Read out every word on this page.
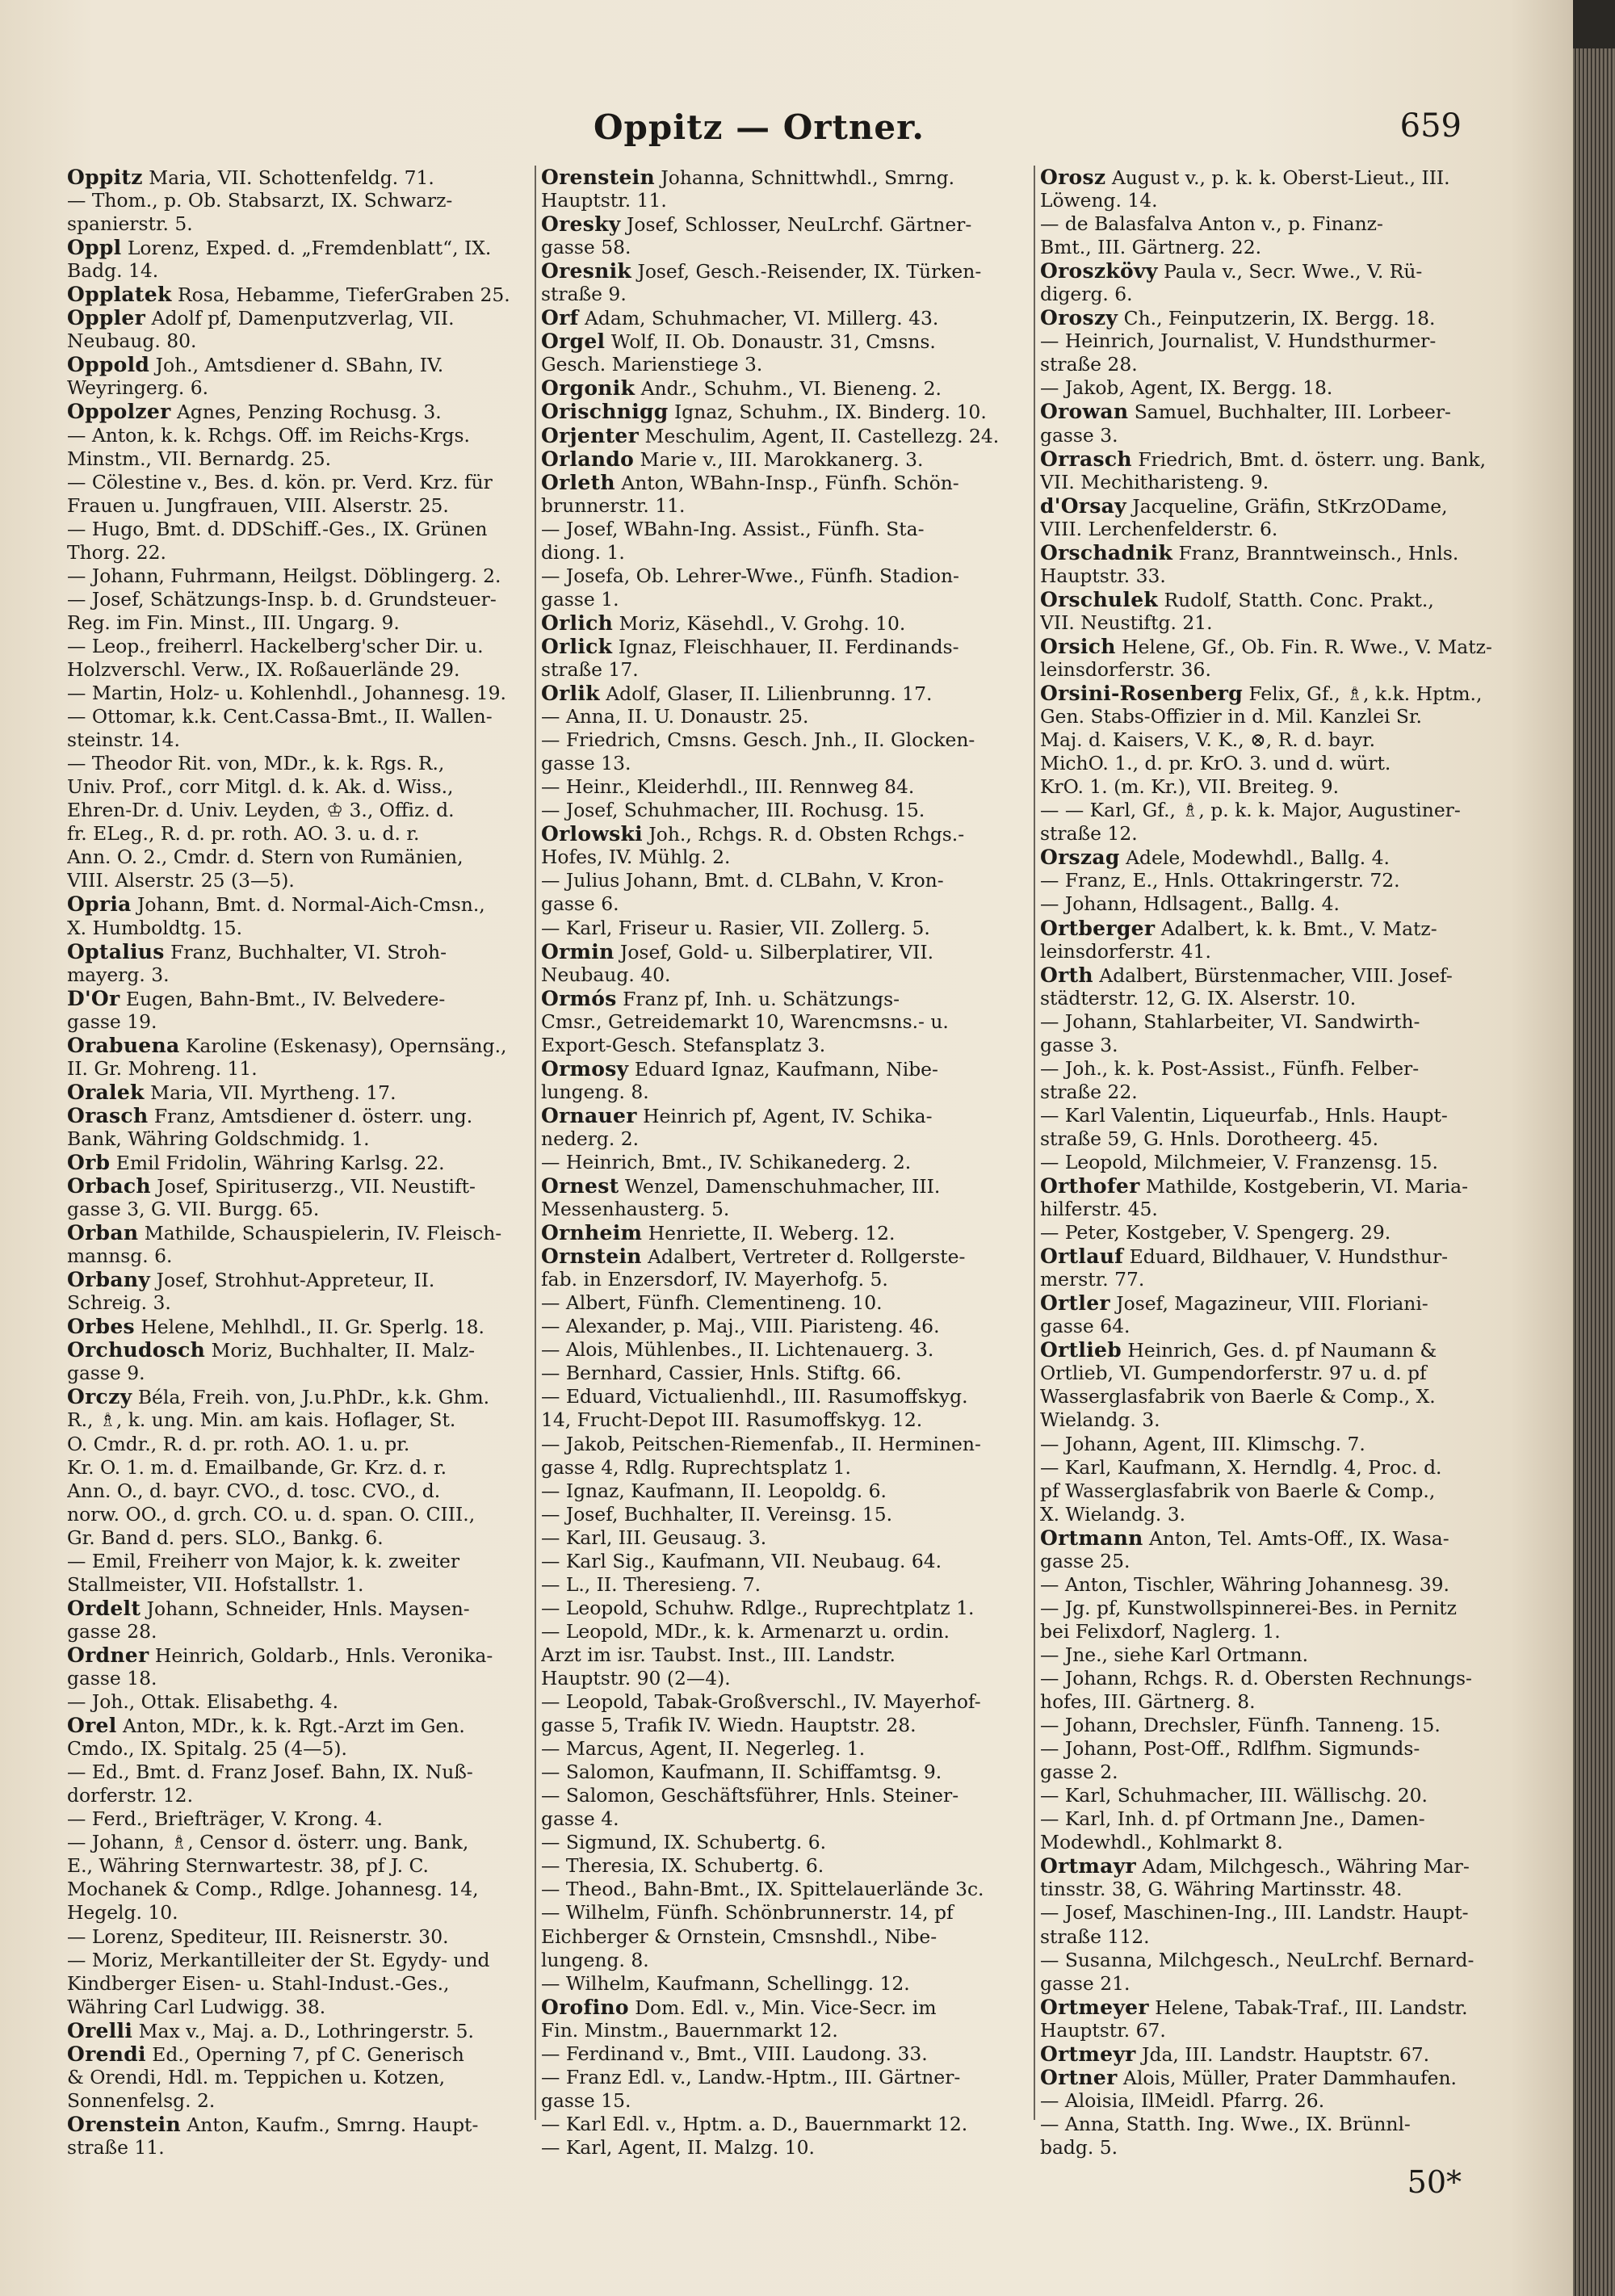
Oppitz — Ortner.	659
Oppitz Maria, VII. Schottenfeldg. 71.
— Thom., p. Ob. Stabsarzt, IX. Schwarz-
spanierstr. 5.
Oppl Lorenz, Exped. d. „Fremdenblatt“, IX.
Badg. 14.
Opplatek Rosa, Hebamme, TieferGraben 25.
Oppler Adolf pf, Damenputzverlag, VII.
Neubaug. 80.
Oppold Joh., Amtsdiener d. SBahn, IV.
Weyringerg. 6.
Oppolzer Agnes, Penzing Rochusg. 3.
— Anton, k. k. Rchgs. Off. im Reichs-Krgs.
Minstm., VII. Bernardg. 25.
— Cölestine v., Bes. d. kön. pr. Verd. Krz. für
Frauen u. Jungfrauen, VIII. Alserstr. 25.
— Hugo, Bmt. d. DDSchiff.-Ges., IX. Grünen
Thorg. 22.
— Johann, Fuhrmann, Heilgst. Döblingerg. 2.
— Josef, Schätzungs-Insp. b. d. Grundsteuer-
Reg. im Fin. Minst., III. Ungarg. 9.
— Leop., freiherrl. Hackelberg'scher Dir. u.
Holzverschl. Verw., IX. Roßauerlände 29.
— Martin, Holz- u. Kohlenhdl., Johannesg. 19.
— Ottomar, k.k. Cent.Cassa-Bmt., II. Wallen-
steinstr. 14.
— Theodor Rit. von, MDr., k. k. Rgs. R.,
Univ. Prof., corr Mitgl. d. k. Ak. d. Wiss.,
Ehren-Dr. d. Univ. Leyden, ♔ 3., Offiz. d.
fr. ELeg., R. d. pr. roth. AO. 3. u. d. r.
Ann. O. 2., Cmdr. d. Stern von Rumänien,
VIII. Alserstr. 25 (3—5).
Opria Johann, Bmt. d. Normal-Aich-Cmsn.,
X. Humboldtg. 15.
Optalius Franz, Buchhalter, VI. Stroh-
mayerg. 3.
D'Or Eugen, Bahn-Bmt., IV. Belvedere-
gasse 19.
Orabuena Karoline (Eskenasy), Opernsäng.,
II. Gr. Mohreng. 11.
Oralek Maria, VII. Myrtheng. 17.
Orasch Franz, Amtsdiener d. österr. ung.
Bank, Währing Goldschmidg. 1.
Orb Emil Fridolin, Währing Karlsg. 22.
Orbach Josef, Spirituserzg., VII. Neustift-
gasse 3, G. VII. Burgg. 65.
Orban Mathilde, Schauspielerin, IV. Fleisch-
mannsg. 6.
Orbany Josef, Strohhut-Appreteur, II.
Schreig. 3.
Orbes Helene, Mehlhdl., II. Gr. Sperlg. 18.
Orchudosch Moriz, Buchhalter, II. Malz-
gasse 9.
Orczy Béla, Freih. von, J.u.PhDr., k.k. Ghm.
R., ♗, k. ung. Min. am kais. Hoflager, St.
O. Cmdr., R. d. pr. roth. AO. 1. u. pr.
Kr. O. 1. m. d. Emailbande, Gr. Krz. d. r.
Ann. O., d. bayr. CVO., d. tosc. CVO., d.
norw. OO., d. grch. CO. u. d. span. O. CIII.,
Gr. Band d. pers. SLO., Bankg. 6.
— Emil, Freiherr von Major, k. k. zweiter
Stallmeister, VII. Hofstallstr. 1.
Ordelt Johann, Schneider, Hnls. Maysen-
gasse 28.
Ordner Heinrich, Goldarb., Hnls. Veronika-
gasse 18.
— Joh., Ottak. Elisabethg. 4.
Orel Anton, MDr., k. k. Rgt.-Arzt im Gen.
Cmdo., IX. Spitalg. 25 (4—5).
— Ed., Bmt. d. Franz Josef. Bahn, IX. Nuß-
dorferstr. 12.
— Ferd., Briefträger, V. Krong. 4.
— Johann, ♗, Censor d. österr. ung. Bank,
E., Währing Sternwartestr. 38, pf J. C.
Mochanek & Comp., Rdlge. Johannesg. 14,
Hegelg. 10.
— Lorenz, Spediteur, III. Reisnerstr. 30.
— Moriz, Merkantilleiter der St. Egydy- und
Kindberger Eisen- u. Stahl-Indust.-Ges.,
Währing Carl Ludwigg. 38.
Orelli Max v., Maj. a. D., Lothringerstr. 5.
Orendi Ed., Operning 7, pf C. Generisch
& Orendi, Hdl. m. Teppichen u. Kotzen,
Sonnenfelsg. 2.
Orenstein Anton, Kaufm., Smrng. Haupt-
straße 11.
Orenstein Johanna, Schnittwhdl., Smrng.
Hauptstr. 11.
Oresky Josef, Schlosser, NeuLrchf. Gärtner-
gasse 58.
Oresnik Josef, Gesch.-Reisender, IX. Türken-
straße 9.
Orf Adam, Schuhmacher, VI. Millerg. 43.
Orgel Wolf, II. Ob. Donaustr. 31, Cmsns.
Gesch. Marienstiege 3.
Orgonik Andr., Schuhm., VI. Bieneng. 2.
Orischnigg Ignaz, Schuhm., IX. Binderg. 10.
Orjenter Meschulim, Agent, II. Castellezg. 24.
Orlando Marie v., III. Marokkanerg. 3.
Orleth Anton, WBahn-Insp., Fünfh. Schön-
brunnerstr. 11.
— Josef, WBahn-Ing. Assist., Fünfh. Sta-
diong. 1.
— Josefa, Ob. Lehrer-Wwe., Fünfh. Stadion-
gasse 1.
Orlich Moriz, Käsehdl., V. Grohg. 10.
Orlick Ignaz, Fleischhauer, II. Ferdinands-
straße 17.
Orlik Adolf, Glaser, II. Lilienbrunng. 17.
— Anna, II. U. Donaustr. 25.
— Friedrich, Cmsns. Gesch. Jnh., II. Glocken-
gasse 13.
— Heinr., Kleiderhdl., III. Rennweg 84.
— Josef, Schuhmacher, III. Rochusg. 15.
Orlowski Joh., Rchgs. R. d. Obsten Rchgs.-
Hofes, IV. Mühlg. 2.
— Julius Johann, Bmt. d. CLBahn, V. Kron-
gasse 6.
— Karl, Friseur u. Rasier, VII. Zollerg. 5.
Ormin Josef, Gold- u. Silberplatirer, VII.
Neubaug. 40.
Ormós Franz pf, Inh. u. Schätzungs-
Cmsr., Getreidemarkt 10, Warencmsns.- u.
Export-Gesch. Stefansplatz 3.
Ormosy Eduard Ignaz, Kaufmann, Nibe-
lungeng. 8.
Ornauer Heinrich pf, Agent, IV. Schika-
nederg. 2.
— Heinrich, Bmt., IV. Schikanederg. 2.
Ornest Wenzel, Damenschuhmacher, III.
Messenhausterg. 5.
Ornheim Henriette, II. Weberg. 12.
Ornstein Adalbert, Vertreter d. Rollgerste-
fab. in Enzersdorf, IV. Mayerhofg. 5.
— Albert, Fünfh. Clementineng. 10.
— Alexander, p. Maj., VIII. Piaristeng. 46.
— Alois, Mühlenbes., II. Lichtenauerg. 3.
— Bernhard, Cassier, Hnls. Stiftg. 66.
— Eduard, Victualienhdl., III. Rasumoffskyg.
14, Frucht-Depot III. Rasumoffskyg. 12.
— Jakob, Peitschen-Riemenfab., II. Herminen-
gasse 4, Rdlg. Ruprechtsplatz 1.
— Ignaz, Kaufmann, II. Leopoldg. 6.
— Josef, Buchhalter, II. Vereinsg. 15.
— Karl, III. Geusaug. 3.
— Karl Sig., Kaufmann, VII. Neubaug. 64.
— L., II. Theresieng. 7.
— Leopold, Schuhw. Rdlge., Ruprechtplatz 1.
— Leopold, MDr., k. k. Armenarzt u. ordin.
Arzt im isr. Taubst. Inst., III. Landstr.
Hauptstr. 90 (2—4).
— Leopold, Tabak-Großverschl., IV. Mayerhof-
gasse 5, Trafik IV. Wiedn. Hauptstr. 28.
— Marcus, Agent, II. Negerleg. 1.
— Salomon, Kaufmann, II. Schiffamtsg. 9.
— Salomon, Geschäftsführer, Hnls. Steiner-
gasse 4.
— Sigmund, IX. Schubertg. 6.
— Theresia, IX. Schubertg. 6.
— Theod., Bahn-Bmt., IX. Spittelauerlände 3c.
— Wilhelm, Fünfh. Schönbrunnerstr. 14, pf
Eichberger & Ornstein, Cmsnshdl., Nibe-
lungeng. 8.
— Wilhelm, Kaufmann, Schellingg. 12.
Orofino Dom. Edl. v., Min. Vice-Secr. im
Fin. Minstm., Bauernmarkt 12.
— Ferdinand v., Bmt., VIII. Laudong. 33.
— Franz Edl. v., Landw.-Hptm., III. Gärtner-
gasse 15.
— Karl Edl. v., Hptm. a. D., Bauernmarkt 12.
— Karl, Agent, II. Malzg. 10.
Orosz August v., p. k. k. Oberst-Lieut., III.
Löweng. 14.
— de Balasfalva Anton v., p. Finanz-
Bmt., III. Gärtnerg. 22.
Oroszkövy Paula v., Secr. Wwe., V. Rü-
digerg. 6.
Oroszy Ch., Feinputzerin, IX. Bergg. 18.
— Heinrich, Journalist, V. Hundsthurmer-
straße 28.
— Jakob, Agent, IX. Bergg. 18.
Orowan Samuel, Buchhalter, III. Lorbeer-
gasse 3.
Orrasch Friedrich, Bmt. d. österr. ung. Bank,
VII. Mechitharisteng. 9.
d'Orsay Jacqueline, Gräfin, StKrzODame,
VIII. Lerchenfelderstr. 6.
Orschadnik Franz, Branntweinsch., Hnls.
Hauptstr. 33.
Orschulek Rudolf, Statth. Conc. Prakt.,
VII. Neustiftg. 21.
Orsich Helene, Gf., Ob. Fin. R. Wwe., V. Matz-
leinsdorferstr. 36.
Orsini-Rosenberg Felix, Gf., ♗, k.k. Hptm.,
Gen. Stabs-Offizier in d. Mil. Kanzlei Sr.
Maj. d. Kaisers, V. K., ⊗, R. d. bayr.
MichO. 1., d. pr. KrO. 3. und d. würt.
KrO. 1. (m. Kr.), VII. Breiteg. 9.
— — Karl, Gf., ♗, p. k. k. Major, Augustiner-
straße 12.
Orszag Adele, Modewhdl., Ballg. 4.
— Franz, E., Hnls. Ottakringerstr. 72.
— Johann, Hdlsagent., Ballg. 4.
Ortberger Adalbert, k. k. Bmt., V. Matz-
leinsdorferstr. 41.
Orth Adalbert, Bürstenmacher, VIII. Josef-
städterstr. 12, G. IX. Alserstr. 10.
— Johann, Stahlarbeiter, VI. Sandwirth-
gasse 3.
— Joh., k. k. Post-Assist., Fünfh. Felber-
straße 22.
— Karl Valentin, Liqueurfab., Hnls. Haupt-
straße 59, G. Hnls. Dorotheerg. 45.
— Leopold, Milchmeier, V. Franzensg. 15.
Orthofer Mathilde, Kostgeberin, VI. Maria-
hilferstr. 45.
— Peter, Kostgeber, V. Spengerg. 29.
Ortlauf Eduard, Bildhauer, V. Hundsthur-
merstr. 77.
Ortler Josef, Magazineur, VIII. Floriani-
gasse 64.
Ortlieb Heinrich, Ges. d. pf Naumann &
Ortlieb, VI. Gumpendorferstr. 97 u. d. pf
Wasserglasfabrik von Baerle & Comp., X.
Wielandg. 3.
— Johann, Agent, III. Klimschg. 7.
— Karl, Kaufmann, X. Herndlg. 4, Proc. d.
pf Wasserglasfabrik von Baerle & Comp.,
X. Wielandg. 3.
Ortmann Anton, Tel. Amts-Off., IX. Wasa-
gasse 25.
— Anton, Tischler, Währing Johannesg. 39.
— Jg. pf, Kunstwollspinnerei-Bes. in Pernitz
bei Felixdorf, Naglerg. 1.
— Jne., siehe Karl Ortmann.
— Johann, Rchgs. R. d. Obersten Rechnungs-
hofes, III. Gärtnerg. 8.
— Johann, Drechsler, Fünfh. Tanneng. 15.
— Johann, Post-Off., Rdlfhm. Sigmunds-
gasse 2.
— Karl, Schuhmacher, III. Wällischg. 20.
— Karl, Inh. d. pf Ortmann Jne., Damen-
Modewhdl., Kohlmarkt 8.
Ortmayr Adam, Milchgesch., Währing Mar-
tinsstr. 38, G. Währing Martinsstr. 48.
— Josef, Maschinen-Ing., III. Landstr. Haupt-
straße 112.
— Susanna, Milchgesch., NeuLrchf. Bernard-
gasse 21.
Ortmeyer Helene, Tabak-Traf., III. Landstr.
Hauptstr. 67.
Ortmeyr Jda, III. Landstr. Hauptstr. 67.
Ortner Alois, Müller, Prater Dammhaufen.
— Aloisia, IlMeidl. Pfarrg. 26.
— Anna, Statth. Ing. Wwe., IX. Brünnl-
badg. 5.
50*
